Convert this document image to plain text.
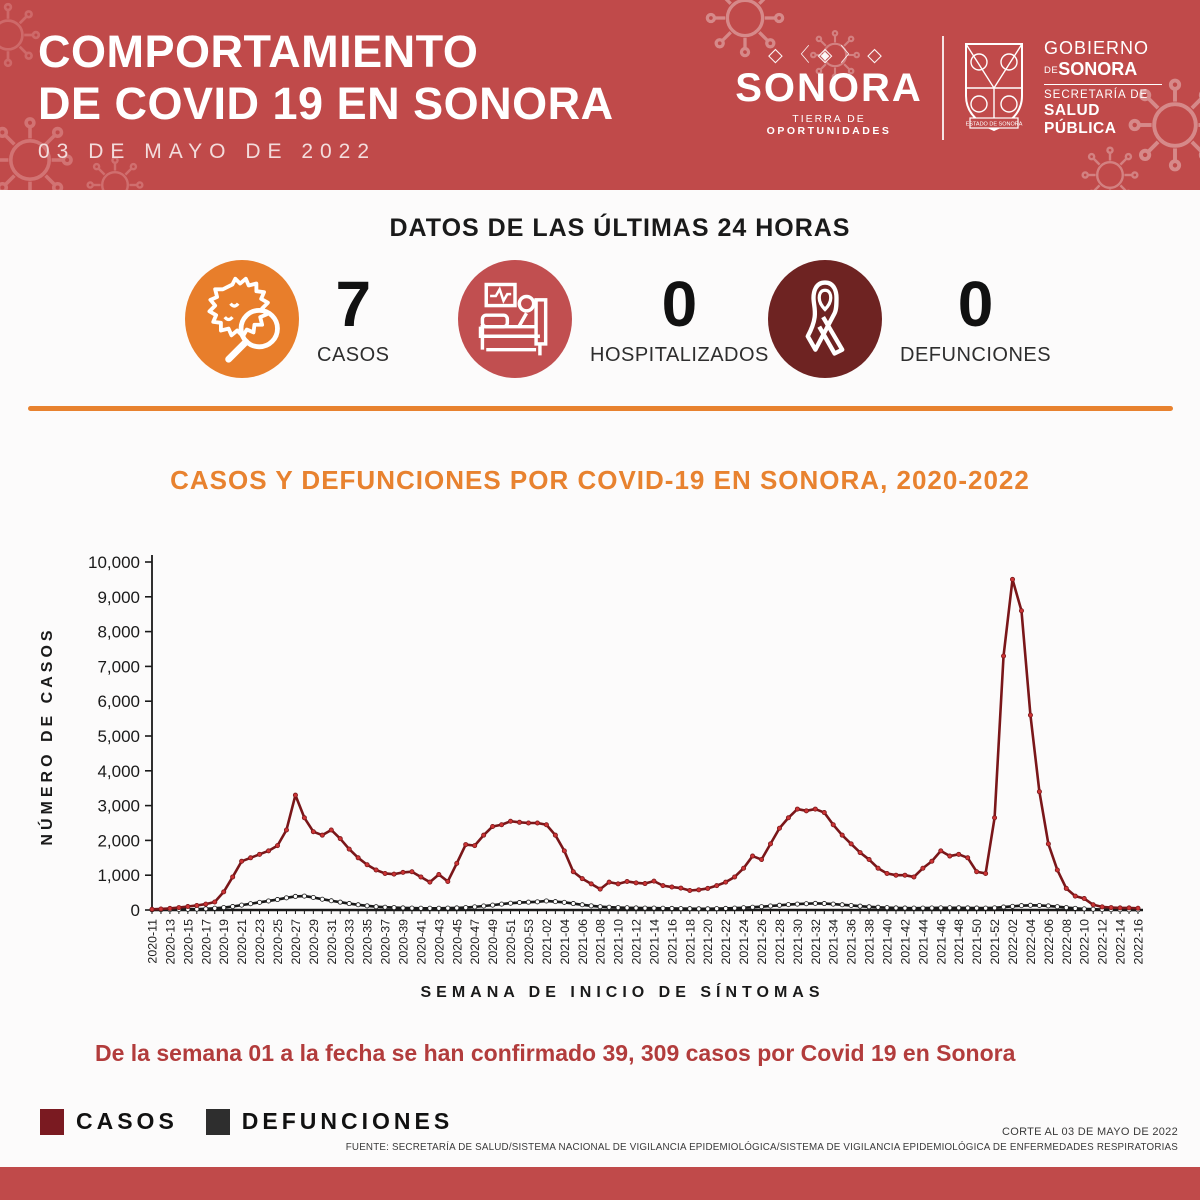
COMPORTAMIENTO
DE COVID 19 EN SONORA
03 DE MAYO DE 2022
◇〈◈〉◇
SONORA
TIERRA DE OPORTUNIDADES	ESTADO DE SONORA
GOBIERNO
DESONORA
SECRETARÍA DE
SALUD PÚBLICA
DATOS DE LAS ÚLTIMAS 24 HORAS
7
CASOS
0
HOSPITALIZADOS
0
DEFUNCIONES
CASOS Y DEFUNCIONES POR COVID-19 EN SONORA, 2020-2022
0
1,000
2,000
3,000
4,000
5,000
6,000
7,000
8,000
9,000
10,000
2020-11 2020-13 2020-15 2020-17 2020-19 2020-21 2020-23 2020-25 2020-27 2020-29 2020-31 2020-33 2020-35 2020-37 2020-39 2020-41 2020-43 2020-45 2020-47 2020-49 2020-51 2020-53 2021-02 2021-04 2021-06 2021-08 2021-10 2021-12 2021-14 2021-16 2021-18 2021-20 2021-22 2021-24 2021-26 2021-28 2021-30 2021-32 2021-34 2021-36 2021-38 2021-40 2021-42 2021-44 2021-46 2021-48 2021-50 2021-52 2022-02 2022-04 2022-06 2022-08 2022-10 2022-12 2022-14 2022-16
NÚMERO DE CASOS
SEMANA DE INICIO DE SÍNTOMAS
De la semana 01 a la fecha se han confirmado 39, 309 casos por Covid 19 en Sonora
CASOS	DEFUNCIONES	CORTE AL 03 DE MAYO DE 2022
FUENTE: SECRETARÍA DE SALUD/SISTEMA NACIONAL DE VIGILANCIA EPIDEMIOLÓGICA/SISTEMA DE VIGILANCIA EPIDEMIOLÓGICA DE ENFERMEDADES RESPIRATORIAS
